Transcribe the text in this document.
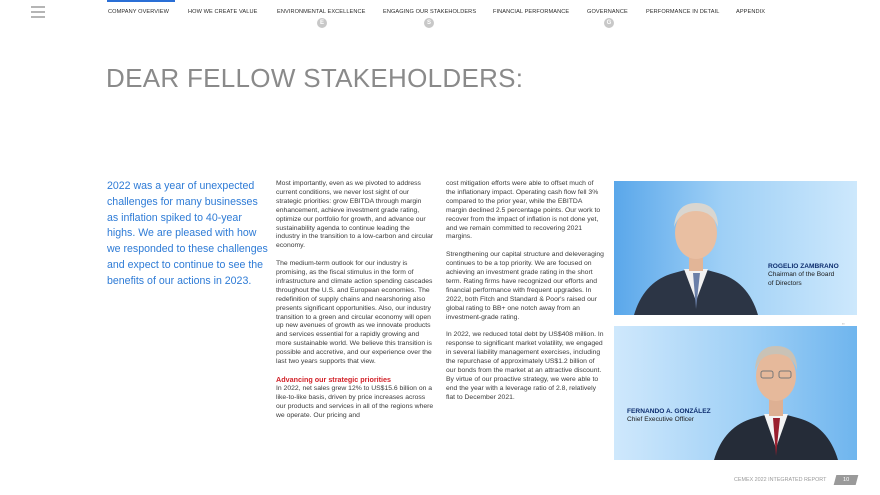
COMPANY OVERVIEW	HOW WE CREATE VALUE	ENVIRONMENTAL EXCELLENCE
E
ENGAGING OUR STAKEHOLDERS
S
FINANCIAL PERFORMANCE	GOVERNANCE
G
PERFORMANCE IN DETAIL	APPENDIX
DEAR FELLOW STAKEHOLDERS:
2022 was a year of unexpected challenges for many businesses as inflation spiked to 40-year highs. We are pleased with how we responded to these challenges and expect to continue to see the benefits of our actions in 2023.

Most importantly, even as we pivoted to address current conditions, we never lost sight of our strategic priorities: grow EBITDA through margin enhancement, achieve investment grade rating, optimize our portfolio for growth, and advance our sustainability agenda to continue leading the industry in the transition to a low-carbon and circular economy.

The medium-term outlook for our industry is promising, as the fiscal stimulus in the form of infrastructure and climate action spending cascades throughout the U.S. and European economies. The redefinition of supply chains and nearshoring also presents significant opportunities. Also, our industry transition to a green and circular economy will open up new avenues of growth as we innovate products and services essential for a rapidly growing and more sustainable world. We believe this transition is possible and accretive, and our experience over the last two years supports that view.

Advancing our strategic priorities

In 2022, net sales grew 12% to US$15.6 billion on a like-to-like basis, driven by price increases across our products and services in all of the regions where we operate. Our pricing and

cost mitigation efforts were able to offset much of the inflationary impact. Operating cash flow fell 3% compared to the prior year, while the EBITDA margin declined 2.5 percentage points. Our work to recover from the impact of inflation is not done yet, and we remain committed to recovering 2021 margins.

Strengthening our capital structure and deleveraging continues to be a top priority. We are focused on achieving an investment grade rating in the short term. Rating firms have recognized our efforts and financial performance with frequent upgrades. In 2022, both Fitch and Standard & Poor's raised our global rating to BB+ one notch away from an investment-grade rating.

In 2022, we reduced total debt by US$408 million. In response to significant market volatility, we engaged in several liability management exercises, including the repurchase of approximately US$1.2 billion of our bonds from the market at an attractive discount. By virtue of our proactive strategy, we were able to end the year with a leverage ratio of 2.8, relatively flat to December 2021.

ROGELIO ZAMBRANO
Chairman of the Board
of Directors
▪▪
FERNANDO A. GONZÁLEZ
Chief Executive Officer
CEMEX 2022 INTEGRATED REPORT	10
